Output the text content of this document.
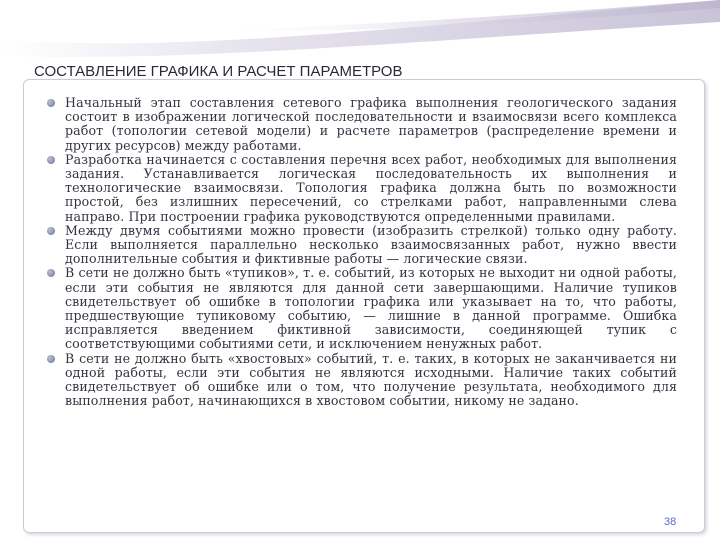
СОСТАВЛЕНИЕ ГРАФИКА И РАСЧЕТ ПАРАМЕТРОВ
Начальный этап составления сетевого графика выполнения геологического задания состоит в изображении логической последовательности и взаимосвязи всего комплекса работ (топологии сетевой модели) и расчете параметров (распределение времени и других ресурсов) между работами.
Разработка начинается с составления перечня всех работ, необходимых для выполнения задания. Устанавливается логическая последовательность их выполнения и технологические взаимосвязи. Топология графика должна быть по возможности простой, без излишних пересечений, со стрелками работ, направленными слева направо. При построении графика руководствуются определенными правилами.
Между двумя событиями можно провести (изобразить стрелкой) только одну работу. Если выполняется параллельно несколько взаимосвязанных работ, нужно ввести дополнительные события и фиктивные работы — логические связи.
В сети не должно быть «тупиков», т. е. событий, из которых не выходит ни одной работы, если эти события не являются для данной сети завершающими. Наличие тупиков свидетельствует об ошибке в топологии графика или указывает на то, что работы, предшествующие тупиковому событию, — лишние в данной программе. Ошибка исправляется введением фиктивной зависимости, соединяющей тупик с соответствующими событиями сети, и исключением ненужных работ.
В сети не должно быть «хвостовых» событий, т. е. таких, в которых не заканчивается ни одной работы, если эти события не являются исходными. Наличие таких событий свидетельствует об ошибке или о том, что получение результата, необходимого для выполнения работ, начинающихся в хвостовом событии, никому не задано.
38
